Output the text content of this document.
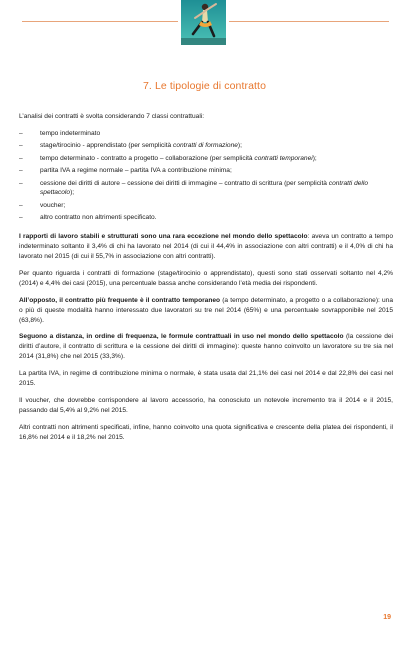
7. Le tipologie di contratto

L’analisi dei contratti è svolta considerando 7 classi contrattuali:

–	tempo indeterminato
–	stage/tirocinio - apprendistato (per semplicità contratti di formazione);
–	tempo determinato - contratto a progetto – collaborazione (per semplicità contratti temporanei);
–	partita IVA a regime normale – partita IVA a contribuzione minima;
–	cessione dei diritti di autore – cessione dei diritti di immagine – contratto di scrittura (per semplicità contratti dello spettacolo);
–	voucher;
–	altro contratto non altrimenti specificato.

I rapporti di lavoro stabili e strutturati sono una rara eccezione nel mondo dello spettacolo: aveva un contratto a tempo indeterminato soltanto il 3,4% di chi ha lavorato nel 2014 (di cui il 44,4% in associazione con altri contratti) e il 4,0% di chi ha lavorato nel 2015 (di cui il 55,7% in associazione con altri contratti).

Per quanto riguarda i contratti di formazione (stage/tirocinio o apprendistato), questi sono stati osservati soltanto nel 4,2% (2014) e 4,4% dei casi (2015), una percentuale bassa anche considerando l’età media dei rispondenti.

All’opposto, il contratto più frequente è il contratto temporaneo (a tempo determinato, a progetto o a collaborazione): una o più di queste modalità hanno interessato due lavoratori su tre nel 2014 (65%) e una percentuale sovrapponibile nel 2015 (63,8%).

Seguono a distanza, in ordine di frequenza, le formule contrattuali in uso nel mondo dello spettacolo (la cessione dei diritti d’autore, il contratto di scrittura e la cessione dei diritti di immagine): queste hanno coinvolto un lavoratore su tre sia nel 2014 (31,8%) che nel 2015 (33,3%).

La partita IVA, in regime di contribuzione minima o normale, è stata usata dal 21,1% dei casi nel 2014 e dal 22,8% dei casi nel 2015.

Il voucher, che dovrebbe corrispondere al lavoro accessorio, ha conosciuto un notevole incremento tra il 2014 e il 2015, passando dal 5,4% al 9,2% nel 2015.

Altri contratti non altrimenti specificati, infine, hanno coinvolto una quota significativa e crescente della platea dei rispondenti, il 16,8% nel 2014 e il 18,2% nel 2015.

19
